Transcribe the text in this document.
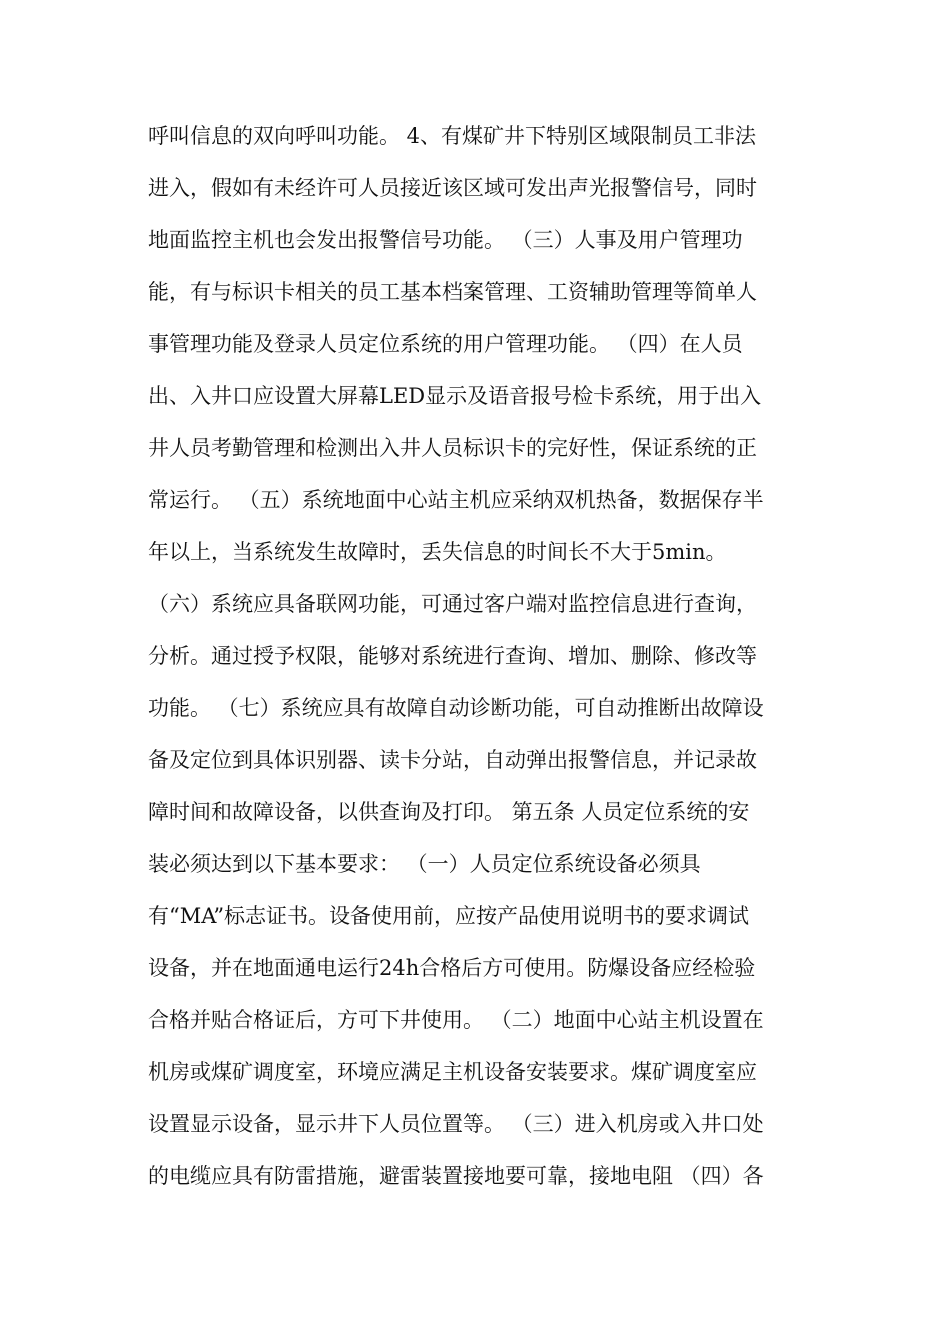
呼叫信息的双向呼叫功能。 4、有煤矿井下特别区域限制员工非法
进入，假如有未经许可人员接近该区域可发出声光报警信号，同时
地面监控主机也会发出报警信号功能。 （三）人事及用户管理功
能，有与标识卡相关的员工基本档案管理、工资辅助管理等简单人
事管理功能及登录人员定位系统的用户管理功能。 （四）在人员
出、入井口应设置大屏幕LED显示及语音报号检卡系统，用于出入
井人员考勤管理和检测出入井人员标识卡的完好性，保证系统的正
常运行。 （五）系统地面中心站主机应采纳双机热备，数据保存半
年以上，当系统发生故障时，丢失信息的时间长不大于5min。
（六）系统应具备联网功能，可通过客户端对监控信息进行查询，
分析。通过授予权限，能够对系统进行查询、增加、删除、修改等
功能。 （七）系统应具有故障自动诊断功能，可自动推断出故障设
备及定位到具体识别器、读卡分站，自动弹出报警信息，并记录故
障时间和故障设备，以供查询及打印。 第五条 人员定位系统的安
装必须达到以下基本要求： （一）人员定位系统设备必须具
有“MA”标志证书。设备使用前，应按产品使用说明书的要求调试
设备，并在地面通电运行24h合格后方可使用。防爆设备应经检验
合格并贴合格证后，方可下井使用。 （二）地面中心站主机设置在
机房或煤矿调度室，环境应满足主机设备安装要求。煤矿调度室应
设置显示设备，显示井下人员位置等。 （三）进入机房或入井口处
的电缆应具有防雷措施，避雷装置接地要可靠，接地电阻 （四）各
